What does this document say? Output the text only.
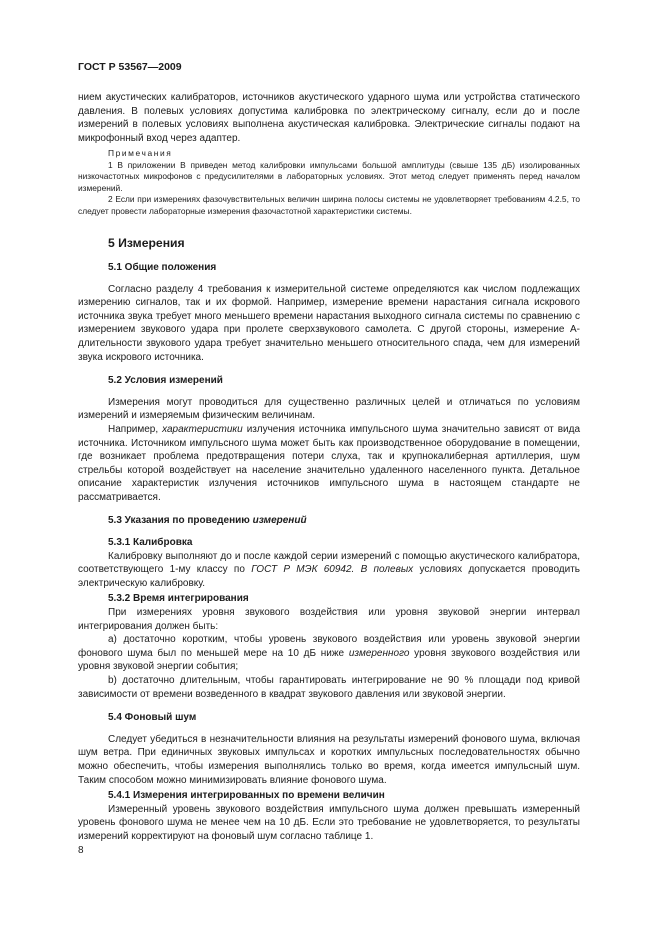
ГОСТ Р 53567—2009

нием акустических калибраторов, источников акустического ударного шума или устройства статического давления. В полевых условиях допустима калибровка по электрическому сигналу, если до и после измерений в полевых условиях выполнена акустическая калибровка. Электрические сигналы подают на микрофонный вход через адаптер.

Примечания

1 В приложении В приведен метод калибровки импульсами большой амплитуды (свыше 135 дБ) изолированных низкочастотных микрофонов с предусилителями в лабораторных условиях. Этот метод следует применять перед началом измерений.

2 Если при измерениях фазочувствительных величин ширина полосы системы не удовлетворяет требованиям 4.2.5, то следует провести лабораторные измерения фазочастотной характеристики системы.

5 Измерения
5.1 Общие положения

Согласно разделу 4 требования к измерительной системе определяются как числом подлежащих измерению сигналов, так и их формой. Например, измерение времени нарастания сигнала искрового источника звука требует много меньшего времени нарастания выходного сигнала системы по сравнению с измерением звукового удара при пролете сверхзвукового самолета. С другой стороны, измерение А-длительности звукового удара требует значительно меньшего относительного спада, чем для измерений звука искрового источника.

5.2 Условия измерений

Измерения могут проводиться для существенно различных целей и отличаться по условиям измерений и измеряемым физическим величинам.

Например, характеристики излучения источника импульсного шума значительно зависят от вида источника. Источником импульсного шума может быть как производственное оборудование в помещении, где возникает проблема предотвращения потери слуха, так и крупнокалиберная артиллерия, шум стрельбы которой воздействует на население значительно удаленного населенного пункта. Детальное описание характеристик излучения источников импульсного шума в настоящем стандарте не рассматривается.

5.3 Указания по проведению измерений
5.3.1 Калибровка

Калибровку выполняют до и после каждой серии измерений с помощью акустического калибратора, соответствующего 1-му классу по ГОСТ Р МЭК 60942. В полевых условиях допускается проводить электрическую калибровку.

5.3.2 Время интегрирования

При измерениях уровня звукового воздействия или уровня звуковой энергии интервал интегрирования должен быть:

a) достаточно коротким, чтобы уровень звукового воздействия или уровень звуковой энергии фонового шума был по меньшей мере на 10 дБ ниже измеренного уровня звукового воздействия или уровня звуковой энергии события;

b) достаточно длительным, чтобы гарантировать интегрирование не 90 % площади под кривой зависимости от времени возведенного в квадрат звукового давления или звуковой энергии.

5.4 Фоновый шум

Следует убедиться в незначительности влияния на результаты измерений фонового шума, включая шум ветра. При единичных звуковых импульсах и коротких импульсных последовательностях обычно можно обеспечить, чтобы измерения выполнялись только во время, когда имеется импульсный шум. Таким способом можно минимизировать влияние фонового шума.

5.4.1 Измерения интегрированных по времени величин

Измеренный уровень звукового воздействия импульсного шума должен превышать измеренный уровень фонового шума не менее чем на 10 дБ. Если это требование не удовлетворяется, то результаты измерений корректируют на фоновый шум согласно таблице 1.

8
